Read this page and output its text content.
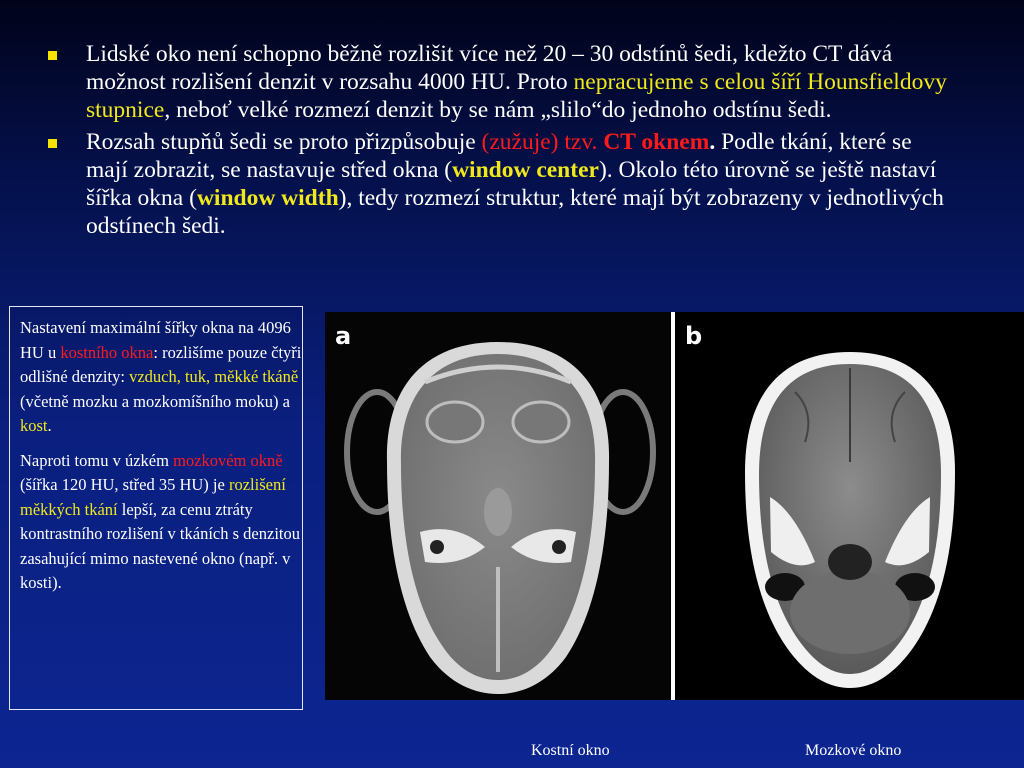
Lidské oko není schopno běžně rozlišit více než 20 – 30 odstínů šedi, kdežto CT dává možnost rozlišení denzit v rozsahu 4000 HU. Proto nepracujeme s celou šíří Hounsfieldovy stupnice, neboť velké rozmezí denzit by se nám „slilo“do jednoho odstínu šedi.
Rozsah stupňů šedi se proto přizpůsobuje (zužuje) tzv. CT oknem. Podle tkání, které se mají zobrazit, se nastavuje střed okna (window center). Okolo této úrovně se ještě nastaví šířka okna (window width), tedy rozmezí struktur, které mají být zobrazeny v jednotlivých odstínech šedi.

Nastavení maximální šířky okna na 4096 HU u kostního okna: rozlišíme pouze čtyři odlišné denzity: vzduch, tuk, měkké tkáně (včetně mozku a mozkomíšního moku) a kost.

Naproti tomu v úzkém mozkovém okně (šířka 120 HU, střed 35 HU) je rozlišení měkkých tkání lepší, za cenu ztráty kontrastního rozlišení v tkáních s denzitou zasahující mimo nastevené okno (např. v kosti).

a	b
Kostní okno	Mozkové okno
